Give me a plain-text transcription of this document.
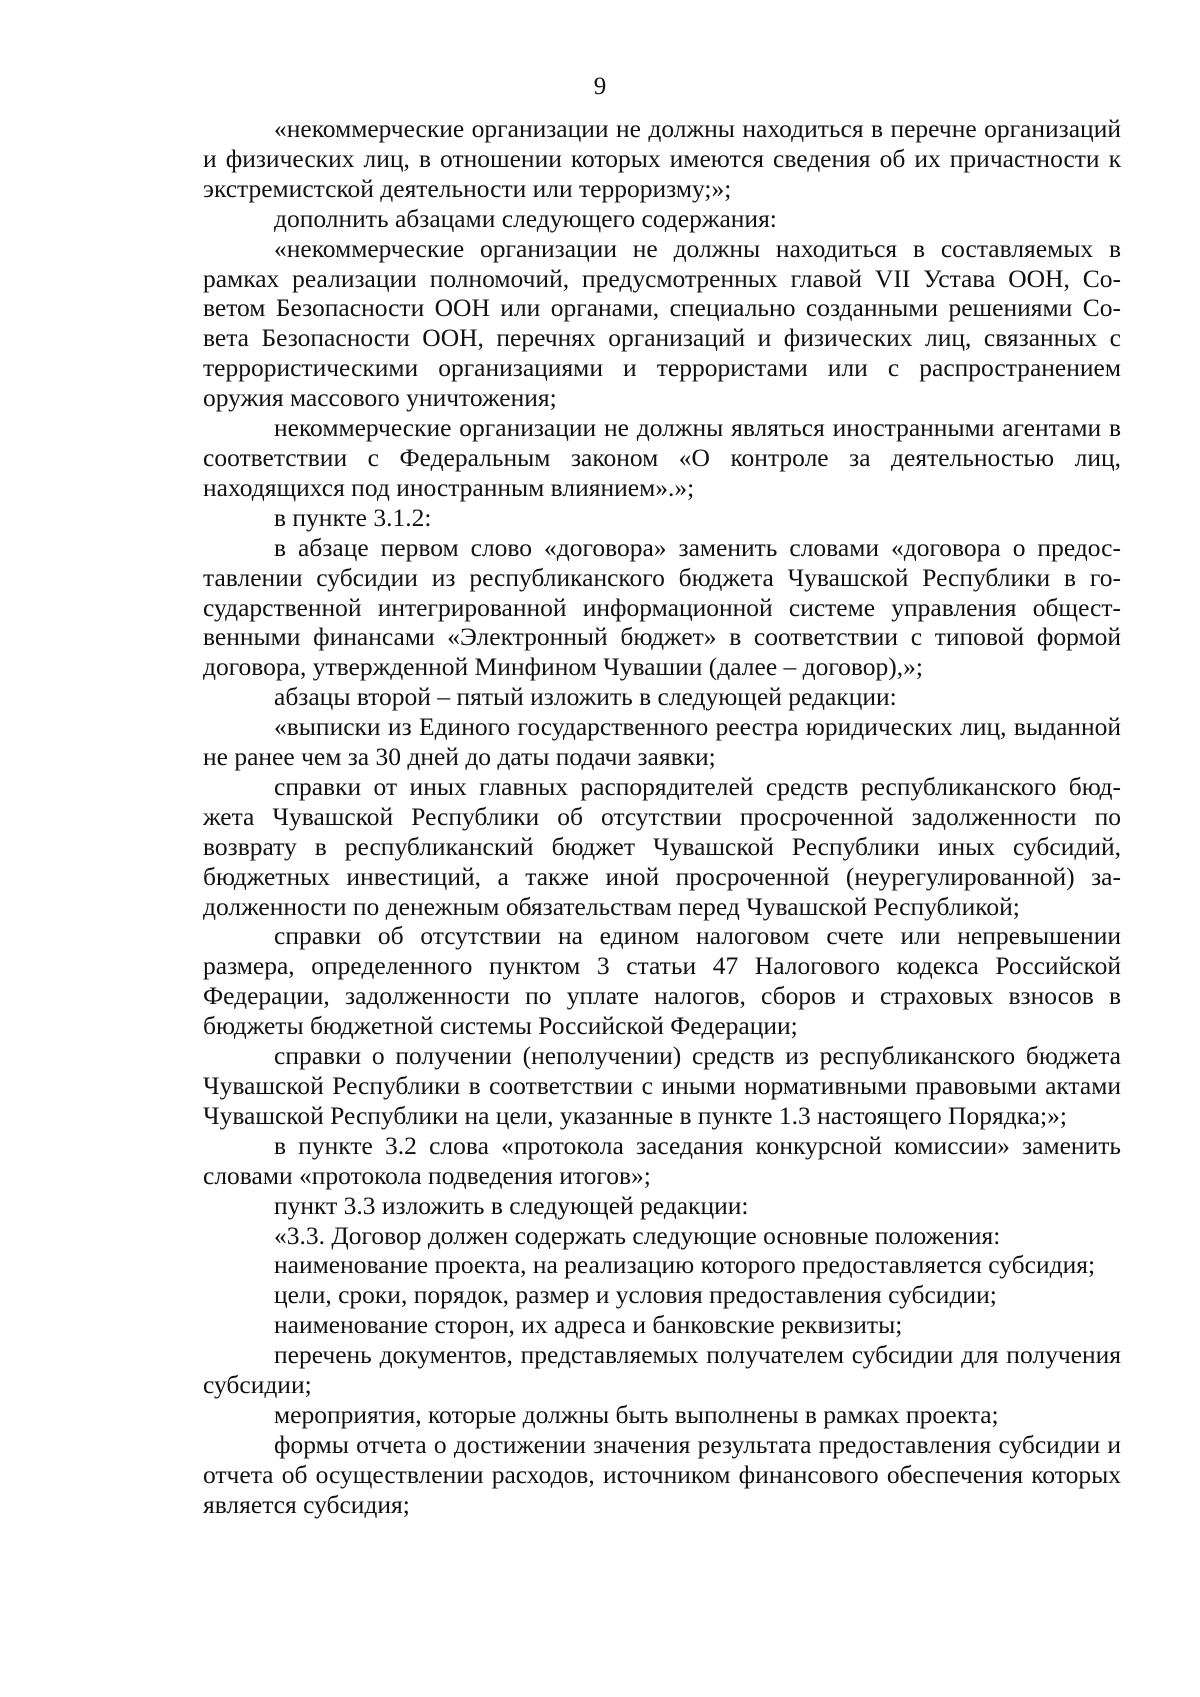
9

«некоммерческие организации не должны находиться в перечне организаций и физических лиц, в отношении которых имеются сведения об их причастности к экстремистской деятельности или терроризму;»;

дополнить абзацами следующего содержания:

«некоммерческие организации не должны находиться в составляемых в рамках реализации полномочий, предусмотренных главой VII Устава ООН, Советом Безопасности ООН или органами, специально созданными решениями Совета Безопасности ООН, перечнях организаций и физических лиц, связанных с террористическими организациями и террористами или с распространением оружия массового уничтожения;

некоммерческие организации не должны являться иностранными агентами в соответствии с Федеральным законом «О контроле за деятельностью лиц, находящихся под иностранным влиянием».»;

в пункте 3.1.2:

в абзаце первом слово «договора» заменить словами «договора о предоставлении субсидии из республиканского бюджета Чувашской Республики в государственной интегрированной информационной системе управления общественными финансами «Электронный бюджет» в соответствии с типовой формой договора, утвержденной Минфином Чувашии (далее – договор),»;

абзацы второй – пятый изложить в следующей редакции:

«выписки из Единого государственного реестра юридических лиц, выданной не ранее чем за 30 дней до даты подачи заявки;

справки от иных главных распорядителей средств республиканского бюджета Чувашской Республики об отсутствии просроченной задолженности по возврату в республиканский бюджет Чувашской Республики иных субсидий, бюджетных инвестиций, а также иной просроченной (неурегулированной) задолженности по денежным обязательствам перед Чувашской Республикой;

справки об отсутствии на едином налоговом счете или непревышении размера, определенного пунктом 3 статьи 47 Налогового кодекса Российской Федерации, задолженности по уплате налогов, сборов и страховых взносов в бюджеты бюджетной системы Российской Федерации;

справки о получении (неполучении) средств из республиканского бюджета Чувашской Республики в соответствии с иными нормативными правовыми актами Чувашской Республики на цели, указанные в пункте 1.3 настоящего Порядка;»;

в пункте 3.2 слова «протокола заседания конкурсной комиссии» заменить словами «протокола подведения итогов»;

пункт 3.3 изложить в следующей редакции:

«3.3. Договор должен содержать следующие основные положения:

наименование проекта, на реализацию которого предоставляется субсидия;

цели, сроки, порядок, размер и условия предоставления субсидии;

наименование сторон, их адреса и банковские реквизиты;

перечень документов, представляемых получателем субсидии для получения субсидии;

мероприятия, которые должны быть выполнены в рамках проекта;

формы отчета о достижении значения результата предоставления субсидии и отчета об осуществлении расходов, источником финансового обеспечения которых является субсидия;
